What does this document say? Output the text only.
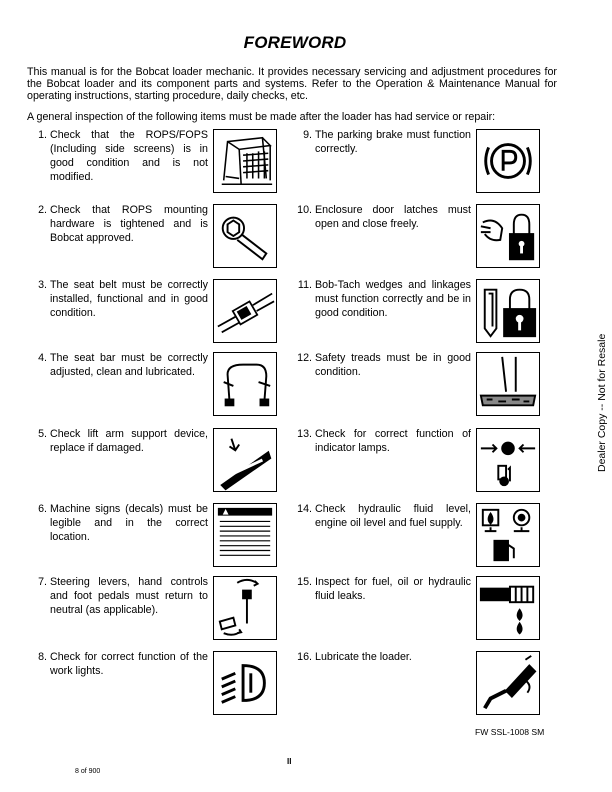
FOREWORD
This manual is for the Bobcat loader mechanic. It provides necessary servicing and adjustment procedures for the Bobcat loader and its component parts and systems. Refer to the Operation & Maintenance Manual for operating instructions, starting procedure, daily checks, etc.
A general inspection of the following items must be made after the loader has had service or repair:
1. Check that the ROPS/FOPS (Including side screens) is in good condition and is not modified.
2. Check that ROPS mounting hardware is tightened and is Bobcat approved.
3. The seat belt must be correctly installed, functional and in good condition.
4. The seat bar must be correctly adjusted, clean and lubricated.
5. Check lift arm support device, replace if damaged.
6. Machine signs (decals) must be legible and in the correct location.
7. Steering levers, hand controls and foot pedals must return to neutral (as applicable).
8. Check for correct function of the work lights.
9. The parking brake must function correctly.
10. Enclosure door latches must open and close freely.
11. Bob-Tach wedges and linkages must function correctly and be in good condition.
12. Safety treads must be in good condition.
13. Check for correct function of indicator lamps.
14. Check hydraulic fluid level, engine oil level and fuel supply.
15. Inspect for fuel, oil or hydraulic fluid leaks.
16. Lubricate the loader.
Dealer Copy -- Not for Resale
FW SSL-1008 SM
II
8 of 900
